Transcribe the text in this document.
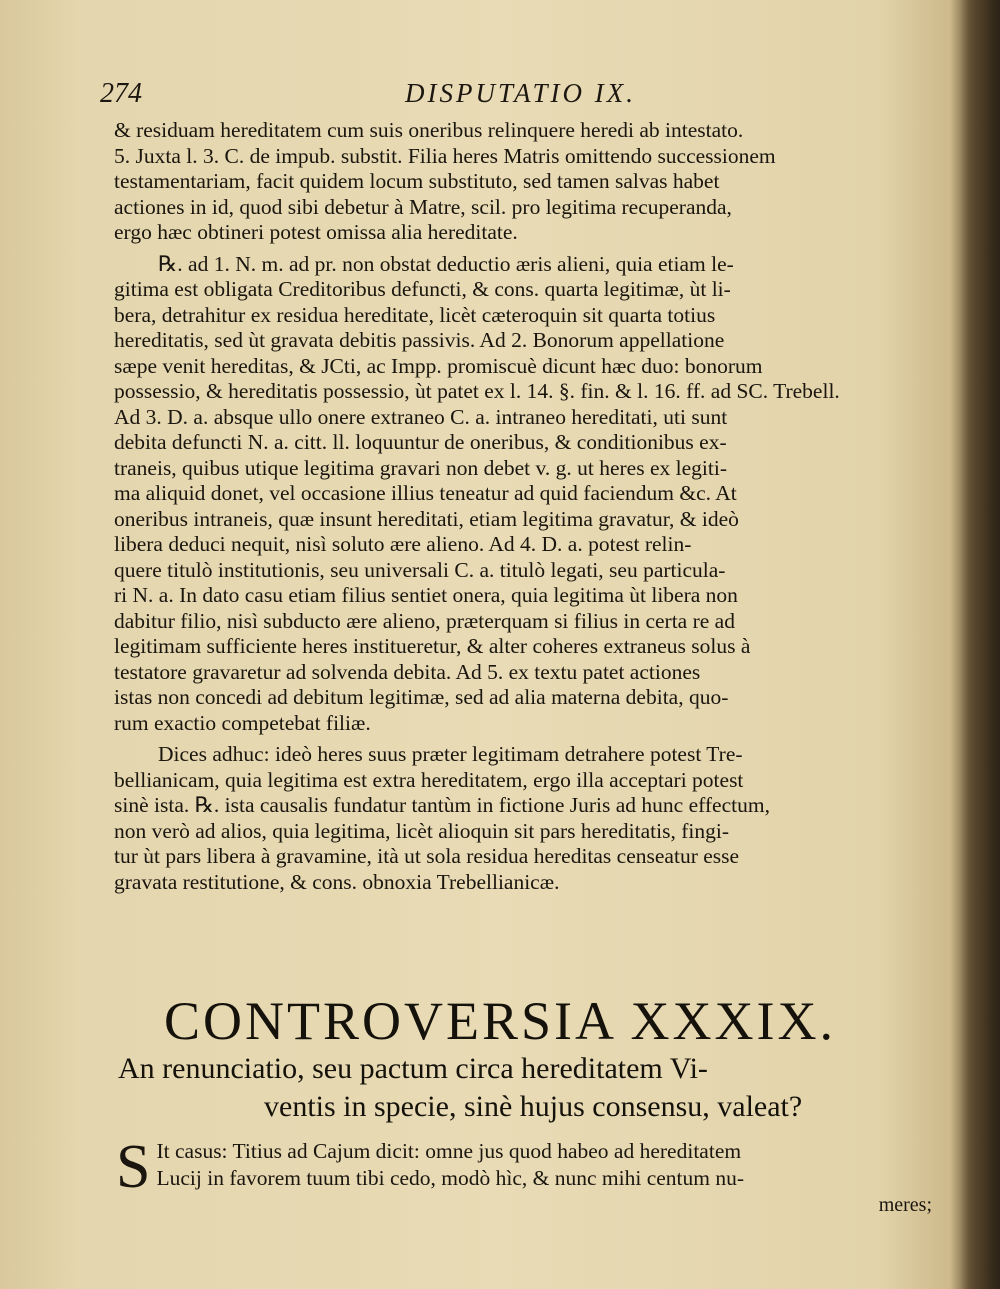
274	DISPUTATIO IX.
& residuam hereditatem cum suis oneribus relinquere heredi ab intestato.
5. Juxta l. 3. C. de impub. substit. Filia heres Matris omittendo successionem
testamentariam, facit quidem locum substituto, sed tamen salvas habet
actiones in id, quod sibi debetur à Matre, scil. pro legitima recuperanda,
ergo hæc obtineri potest omissa alia hereditate.
℞. ad 1. N. m. ad pr. non obstat deductio æris alieni, quia etiam le-
gitima est obligata Creditoribus defuncti, & cons. quarta legitimæ, ùt li-
bera, detrahitur ex residua hereditate, licèt cæteroquin sit quarta totius
hereditatis, sed ùt gravata debitis passivis. Ad 2. Bonorum appellatione
sæpe venit hereditas, & JCti, ac Impp. promiscuè dicunt hæc duo: bonorum
possessio, & hereditatis possessio, ùt patet ex l. 14. §. fin. & l. 16. ff. ad SC. Trebell.
Ad 3. D. a. absque ullo onere extraneo C. a. intraneo hereditati, uti sunt
debita defuncti N. a. citt. ll. loquuntur de oneribus, & conditionibus ex-
traneis, quibus utique legitima gravari non debet v. g. ut heres ex legiti-
ma aliquid donet, vel occasione illius teneatur ad quid faciendum &c. At
oneribus intraneis, quæ insunt hereditati, etiam legitima gravatur, & ideò
libera deduci nequit, nisì soluto ære alieno. Ad 4. D. a. potest relin-
quere titulò institutionis, seu universali C. a. titulò legati, seu particula-
ri N. a. In dato casu etiam filius sentiet onera, quia legitima ùt libera non
dabitur filio, nisì subducto ære alieno, præterquam si filius in certa re ad
legitimam sufficiente heres institueretur, & alter coheres extraneus solus à
testatore gravaretur ad solvenda debita. Ad 5. ex textu patet actiones
istas non concedi ad debitum legitimæ, sed ad alia materna debita, quo-
rum exactio competebat filiæ.
Dices adhuc: ideò heres suus præter legitimam detrahere potest Tre-
bellianicam, quia legitima est extra hereditatem, ergo illa acceptari potest
sinè ista. ℞. ista causalis fundatur tantùm in fictione Juris ad hunc effectum,
non verò ad alios, quia legitima, licèt alioquin sit pars hereditatis, fingi-
tur ùt pars libera à gravamine, ità ut sola residua hereditas censeatur esse
gravata restitutione, & cons. obnoxia Trebellianicæ.
CONTROVERSIA XXXIX.
An renunciatio, seu pactum circa hereditatem Vi-
ventis in specie, sinè hujus consensu, valeat?
S It casus: Titius ad Cajum dicit: omne jus quod habeo ad hereditatem
Lucij in favorem tuum tibi cedo, modò hìc, & nunc mihi centum nu-
meres;
